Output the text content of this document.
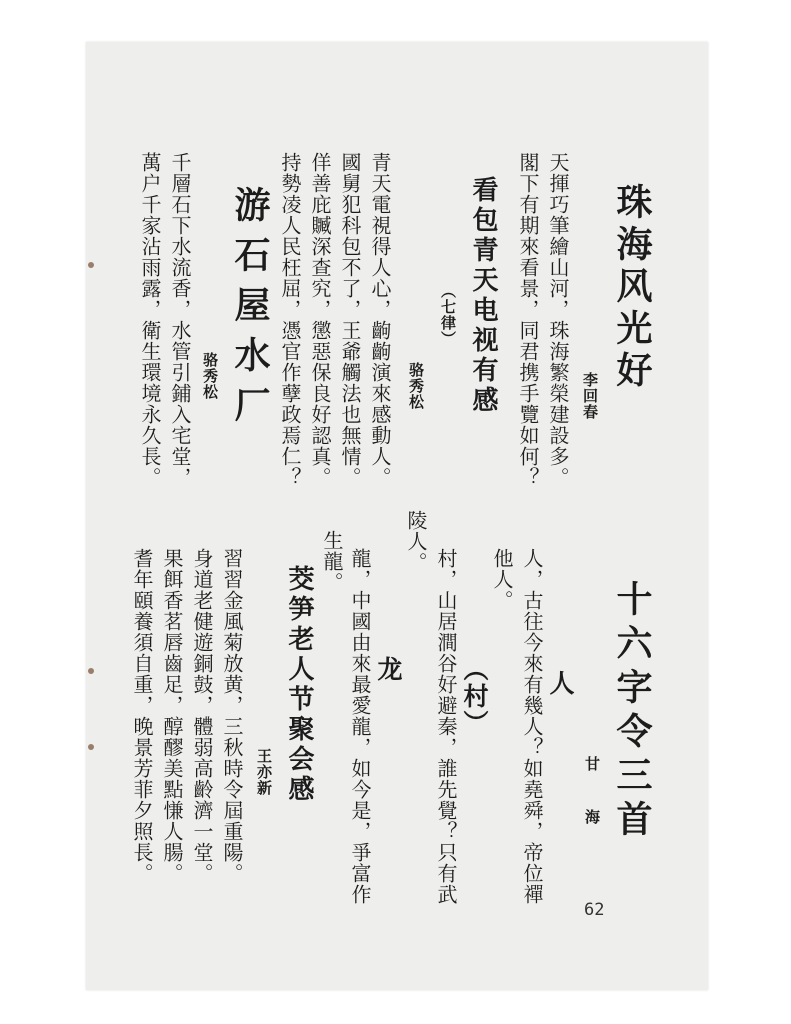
珠海风光好
李回春
天揮巧筆繪山河，珠海繁榮建設多。
閣下有期來看景，同君携手覽如何？
看包青天电视有感
（七律）
骆秀松
青天電視得人心，齣齣演來感動人。
國舅犯科包不了，王爺觸法也無情。
佯善庇贓深查究，懲惡保良好認真。
持勢凌人民枉屈，憑官作孽政焉仁？
游石屋水厂
骆秀松
千層石下水流香，水管引鋪入宅堂，
萬户千家沾雨露，衛生環境永久長。
十六字令三首
甘 海
人
人，古往今來有幾人？如堯舜，帝位禪
他人。
（村）
村，山居澗谷好避秦，誰先覺？只有武
陵人。
龙
龍，中國由來最愛龍，如今是，爭富作
生龍。
茭笋老人节聚会感
王亦新
習習金風菊放黄，三秋時令屆重陽。
身道老健遊銅鼓，體弱高齡濟一堂。
果餌香茗唇齒足，醇醪美點慊人腸。
耆年頤養須自重，晚景芳菲夕照長。
62
